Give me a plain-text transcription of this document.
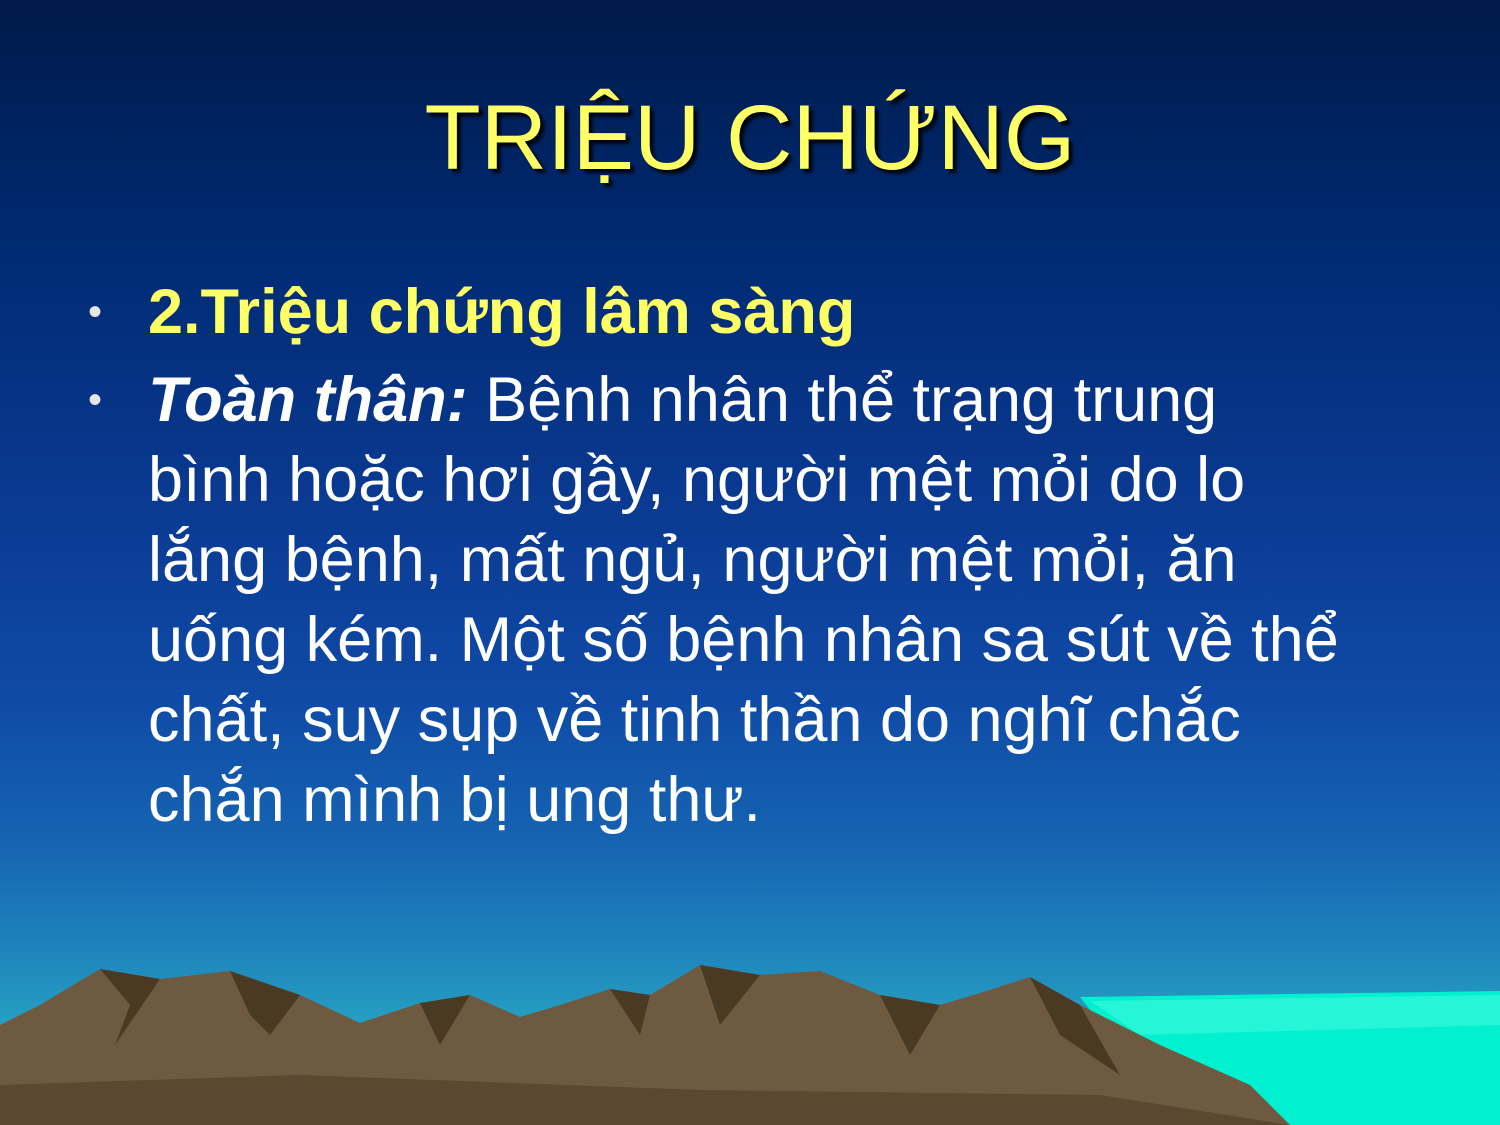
TRIỆU CHỨNG
• 2.Triệu chứng lâm sàng
• Toàn thân: Bệnh nhân thể trạng trung
bình hoặc hơi gầy, người mệt mỏi do lo
lắng bệnh, mất ngủ, người mệt mỏi, ăn
uống kém. Một số bệnh nhân sa sút về thể
chất, suy sụp về tinh thần do nghĩ chắc
chắn mình bị ung thư.
